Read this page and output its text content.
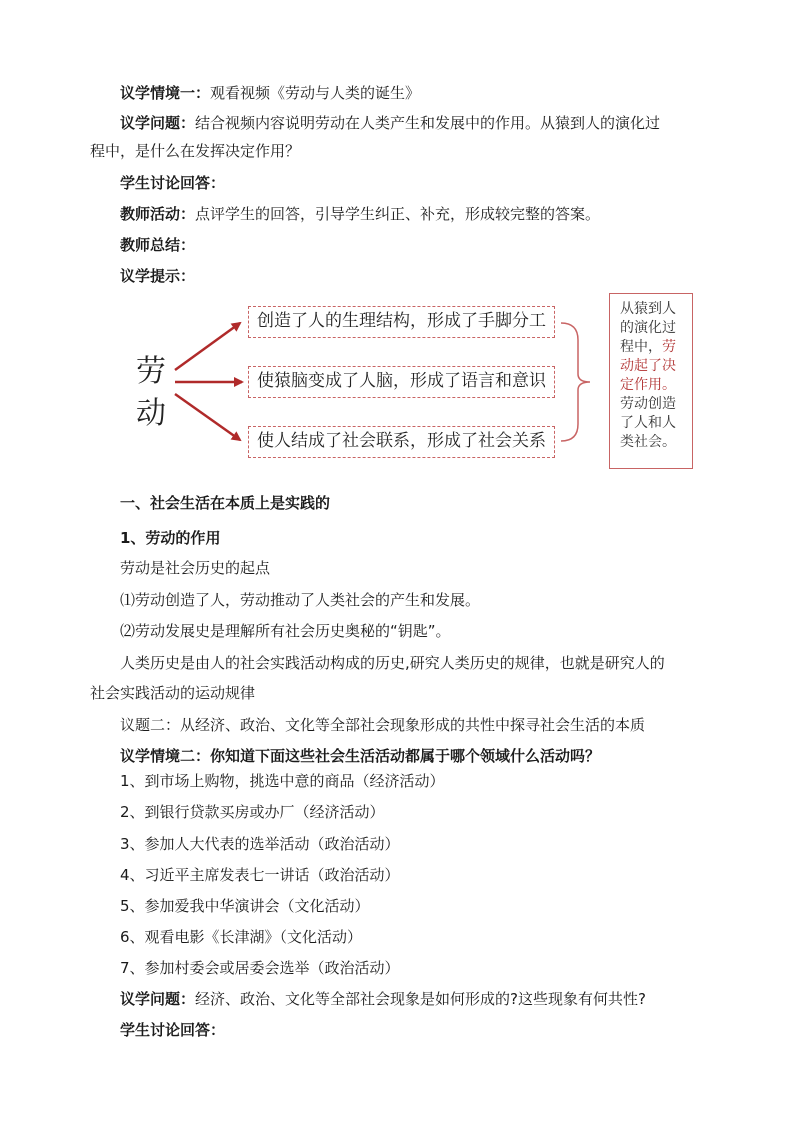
议学情境一：观看视频《劳动与人类的诞生》
议学问题：结合视频内容说明劳动在人类产生和发展中的作用。从猿到人的演化过
程中，是什么在发挥决定作用？
学生讨论回答：
教师活动：点评学生的回答，引导学生纠正、补充，形成较完整的答案。
教师总结：
议学提示：
劳
动
创造了人的生理结构，形成了手脚分工
使猿脑变成了人脑，形成了语言和意识
使人结成了社会联系，形成了社会关系
从猿到人
的演化过
程中，劳
动起了决
定作用。
劳动创造
了人和人
类社会。
一、社会生活在本质上是实践的
1、劳动的作用
劳动是社会历史的起点
⑴劳动创造了人，劳动推动了人类社会的产生和发展。
⑵劳动发展史是理解所有社会历史奥秘的“钥匙”。
人类历史是由人的社会实践活动构成的历史,研究人类历史的规律，也就是研究人的
社会实践活动的运动规律
议题二：从经济、政治、文化等全部社会现象形成的共性中探寻社会生活的本质
议学情境二：你知道下面这些社会生活活动都属于哪个领域什么活动吗？
1、到市场上购物，挑选中意的商品（经济活动）
2、到银行贷款买房或办厂（经济活动）
3、参加人大代表的选举活动（政治活动）
4、习近平主席发表七一讲话（政治活动）
5、参加爱我中华演讲会（文化活动）
6、观看电影《长津湖》（文化活动）
7、参加村委会或居委会选举（政治活动）
议学问题：经济、政治、文化等全部社会现象是如何形成的?这些现象有何共性?
学生讨论回答：
